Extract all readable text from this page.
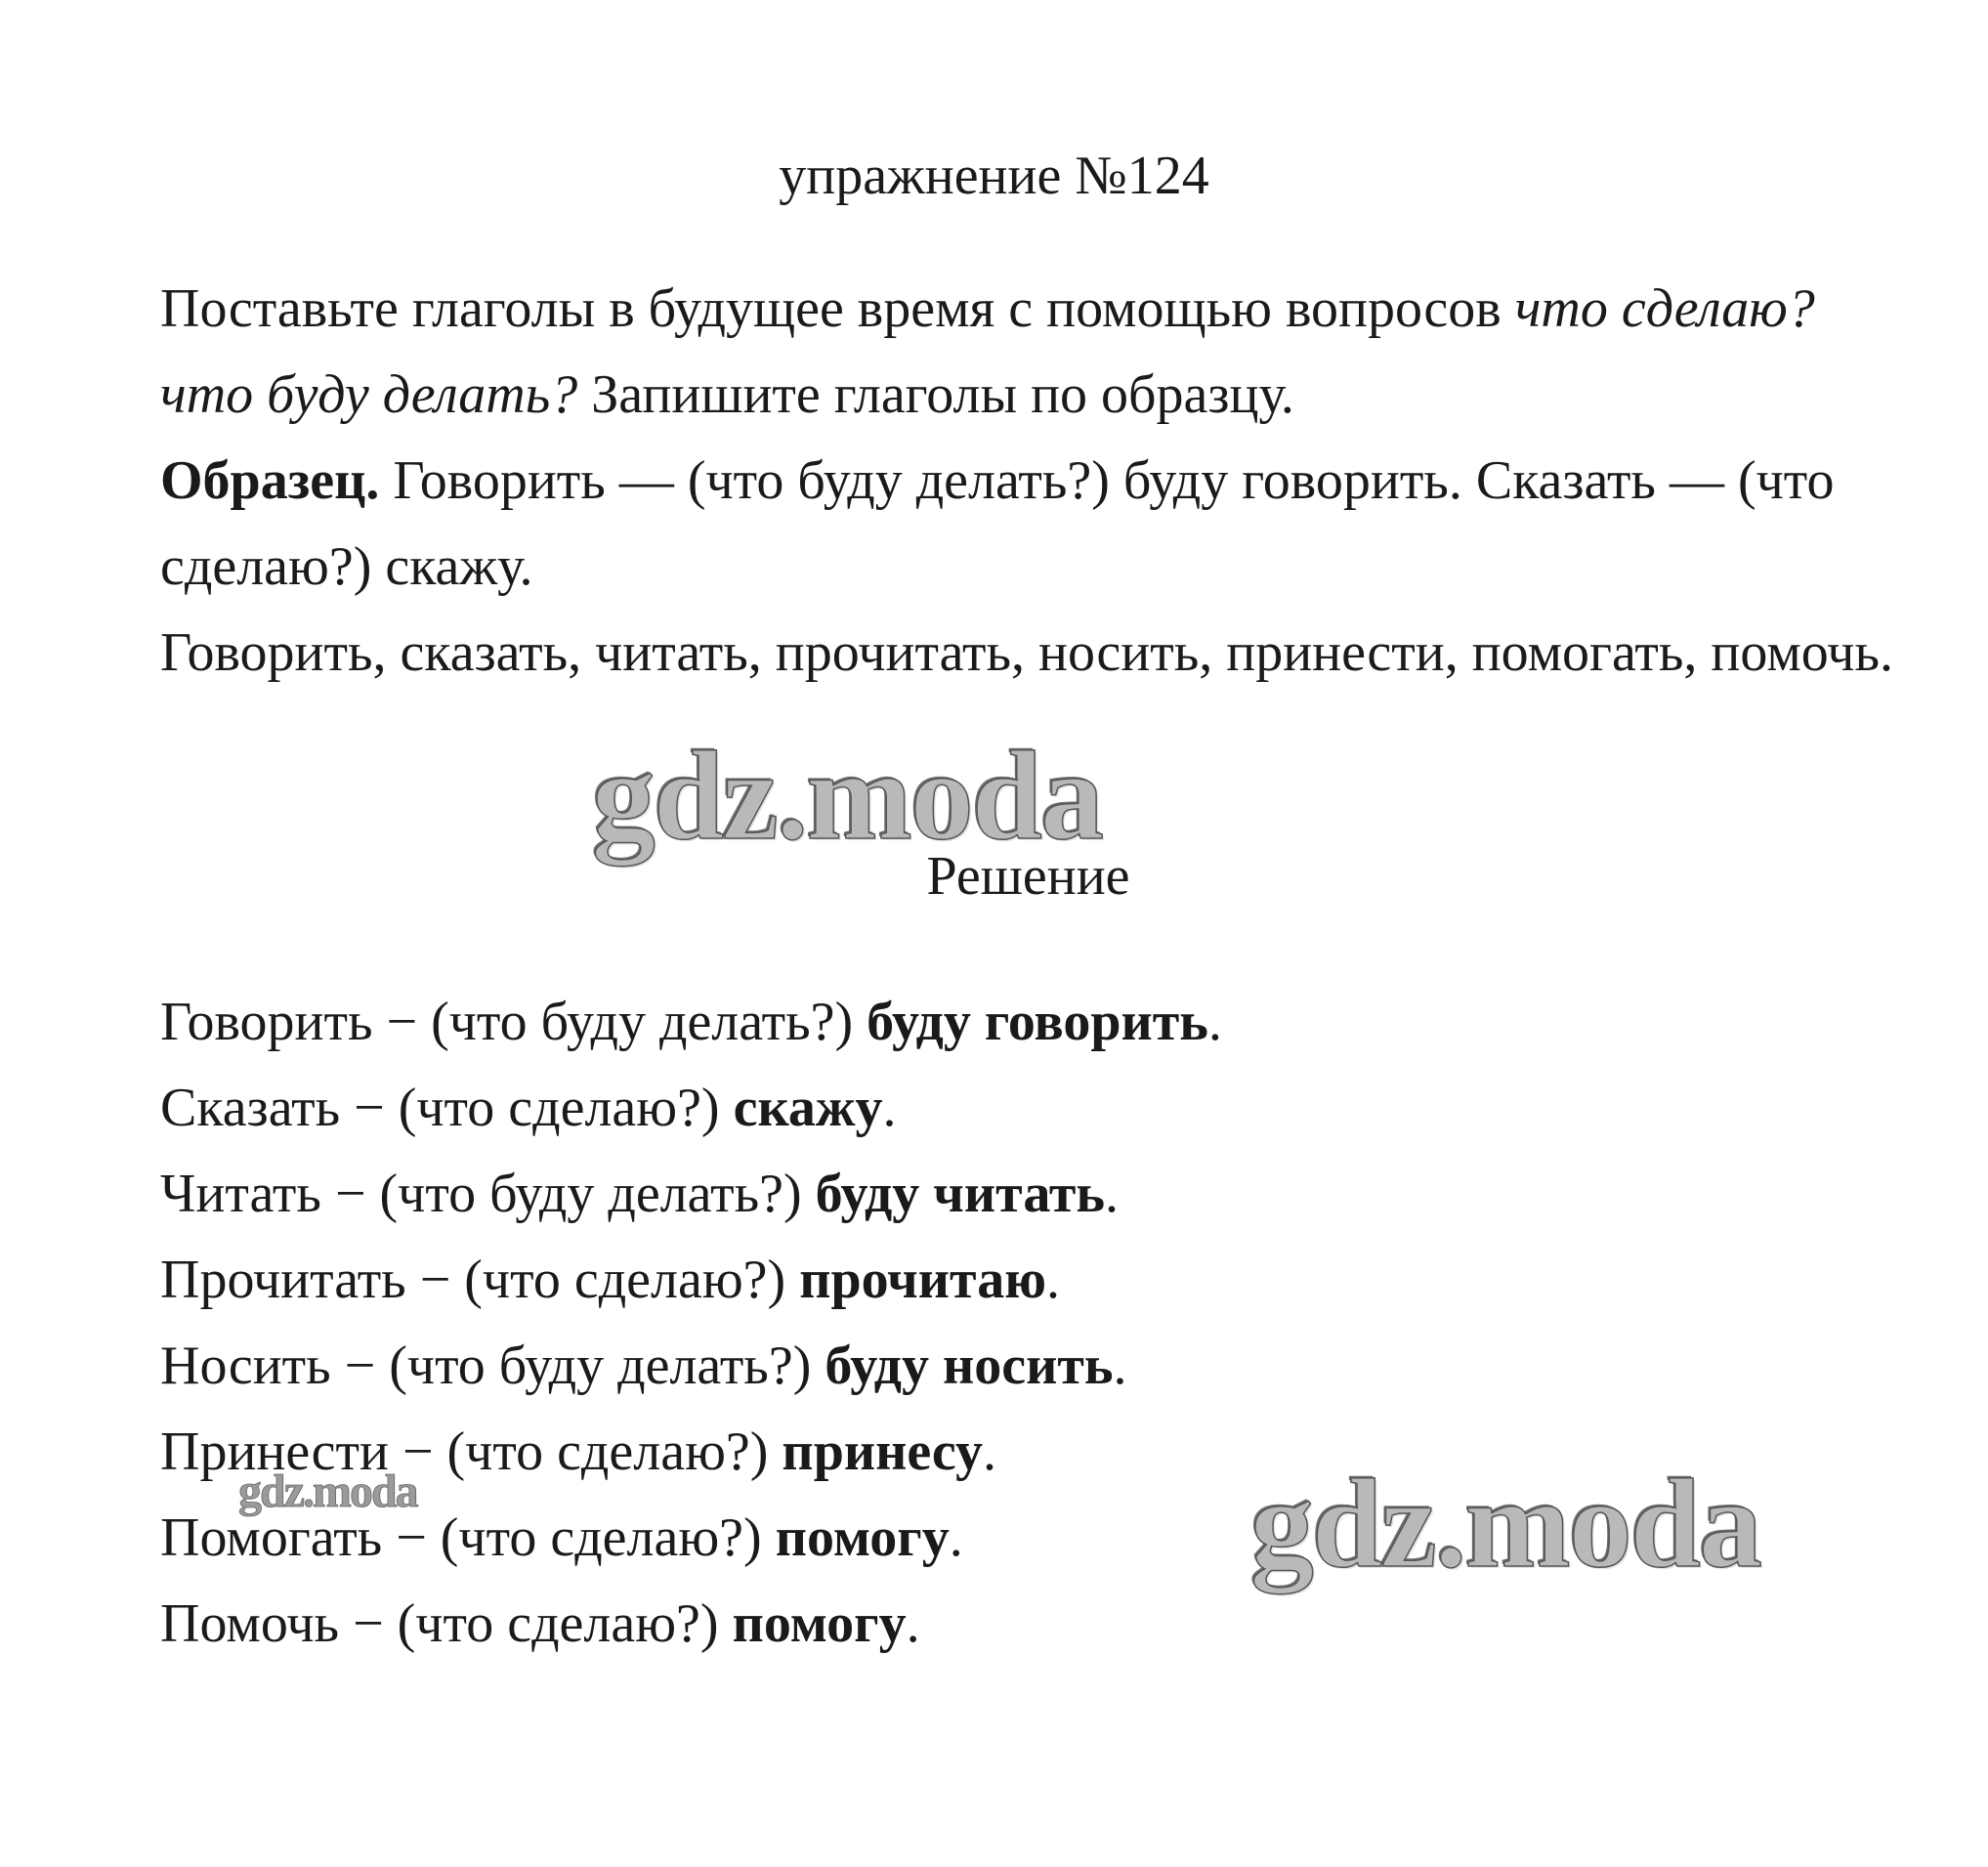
упражнение №124

Поставьте глаголы в будущее время с помощью вопросов что сделаю? что буду делать? Запишите глаголы по образцу.

Образец. Говорить — (что буду делать?) буду говорить. Сказать — (что сделаю?) скажу.

Говорить, сказать, читать, прочитать, носить, принести, помогать, помочь.

gdz.moda
Решение

Говорить − (что буду делать?) буду говорить.

Сказать − (что сделаю?) скажу.

Читать − (что буду делать?) буду читать.

Прочитать − (что сделаю?) прочитаю.

Носить − (что буду делать?) буду носить.

Принести − (что сделаю?) принесу.

Помогать − (что сделаю?) помогу.

Помочь − (что сделаю?) помогу.

gdz.moda	gdz.moda
